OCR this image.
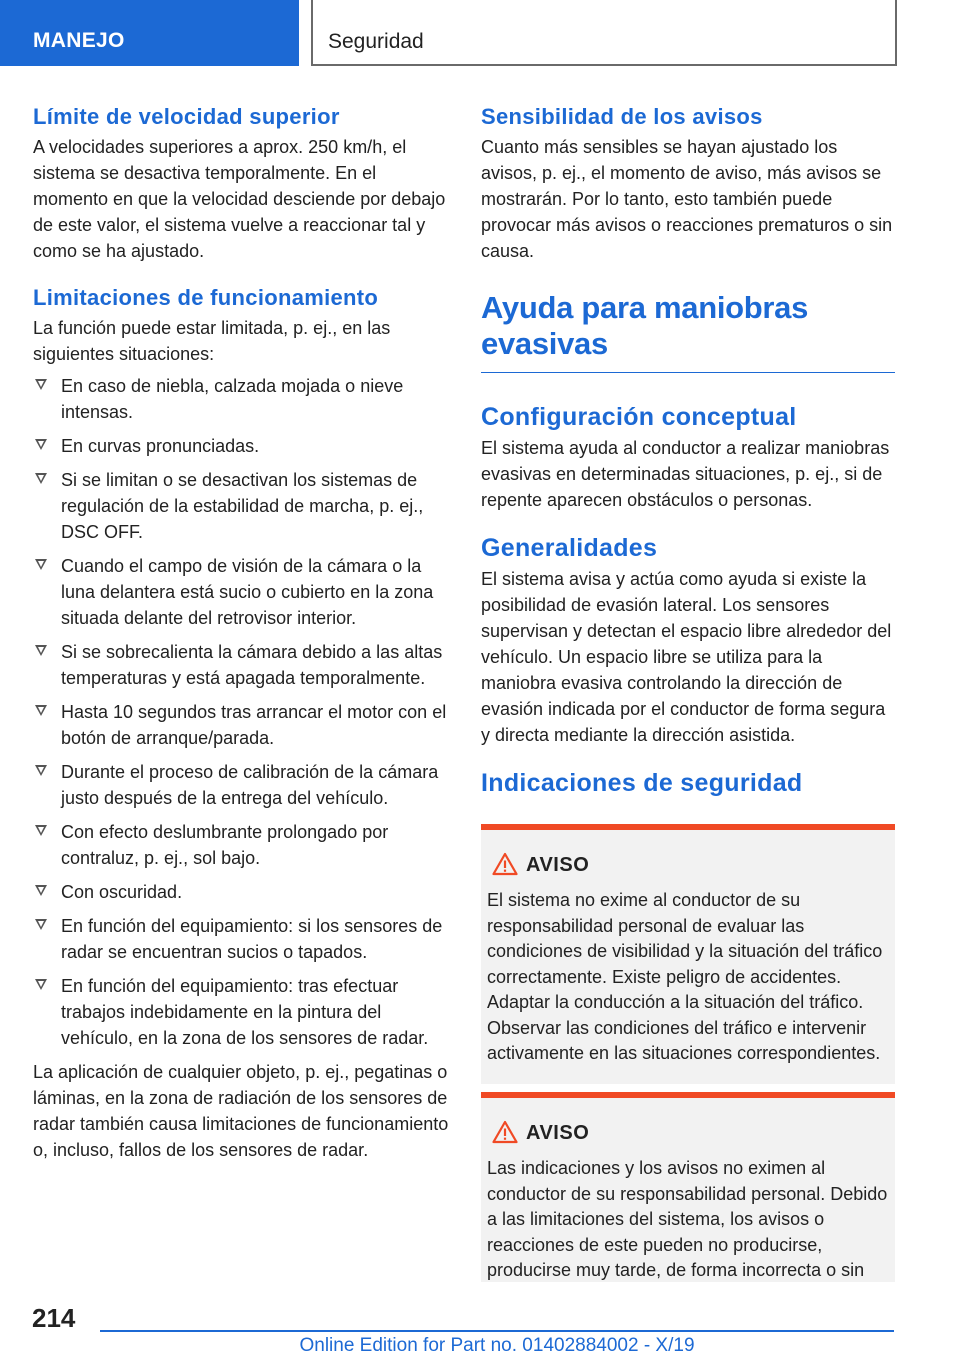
MANEJO	Seguridad
Límite de velocidad superior

A velocidades superiores a aprox. 250 km/h, el sistema se desactiva temporalmente. En el momento en que la velocidad desciende por debajo de este valor, el sistema vuelve a reaccionar tal y como se ha ajustado.

Limitaciones de funcionamiento

La función puede estar limitada, p. ej., en las siguientes situaciones:

En caso de niebla, calzada mojada o nieve intensas.
En curvas pronunciadas.
Si se limitan o se desactivan los sistemas de regulación de la estabilidad de marcha, p. ej., DSC OFF.
Cuando el campo de visión de la cámara o la luna delantera está sucio o cubierto en la zona situada delante del retrovisor interior.
Si se sobrecalienta la cámara debido a las altas temperaturas y está apagada temporalmente.
Hasta 10 segundos tras arrancar el motor con el botón de arranque/parada.
Durante el proceso de calibración de la cámara justo después de la entrega del vehículo.
Con efecto deslumbrante prolongado por contraluz, p. ej., sol bajo.
Con oscuridad.
En función del equipamiento: si los sensores de radar se encuentran sucios o tapados.
En función del equipamiento: tras efectuar trabajos indebidamente en la pintura del vehículo, en la zona de los sensores de radar.

La aplicación de cualquier objeto, p. ej., pegatinas o láminas, en la zona de radiación de los sensores de radar también causa limitaciones de funcionamiento o, incluso, fallos de los sensores de radar.

Sensibilidad de los avisos

Cuanto más sensibles se hayan ajustado los avisos, p. ej., el momento de aviso, más avisos se mostrarán. Por lo tanto, esto también puede provocar más avisos o reacciones prematuros o sin causa.

Ayuda para maniobras evasivas
Configuración conceptual

El sistema ayuda al conductor a realizar maniobras evasivas en determinadas situaciones, p. ej., si de repente aparecen obstáculos o personas.

Generalidades

El sistema avisa y actúa como ayuda si existe la posibilidad de evasión lateral. Los sensores supervisan y detectan el espacio libre alrededor del vehículo. Un espacio libre se utiliza para la maniobra evasiva controlando la dirección de evasión indicada por el conductor de forma segura y directa mediante la dirección asistida.

Indicaciones de seguridad
AVISO

El sistema no exime al conductor de su responsabilidad personal de evaluar las condiciones de visibilidad y la situación del tráfico correctamente. Existe peligro de accidentes. Adaptar la conducción a la situación del tráfico. Observar las condiciones del tráfico e intervenir activamente en las situaciones correspondientes.

AVISO

Las indicaciones y los avisos no eximen al conductor de su responsabilidad personal. Debido a las limitaciones del sistema, los avisos o reacciones de este pueden no producirse, producirse muy tarde, de forma incorrecta o sin

214
Online Edition for Part no. 01402884002 - X/19
